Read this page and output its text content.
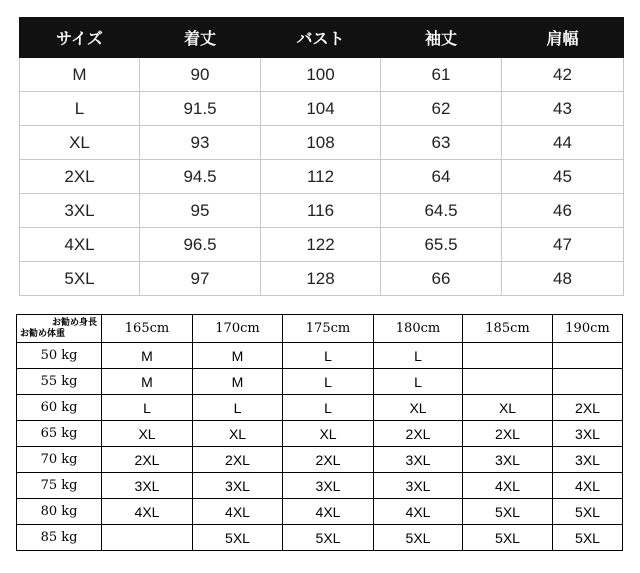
サイズ	着丈	バスト	袖丈	肩幅
M	90	100	61	42
L	91.5	104	62	43
XL	93	108	63	44
2XL	94.5	112	64	45
3XL	95	116	64.5	46
4XL	96.5	122	65.5	47
5XL	97	128	66	48
お勧め身長
お勧め体重	165cm	170cm	175cm	180cm	185cm	190cm
50 kg	M	M	L	L		
55 kg	M	M	L	L		
60 kg	L	L	L	XL	XL	2XL
65 kg	XL	XL	XL	2XL	2XL	3XL
70 kg	2XL	2XL	2XL	3XL	3XL	3XL
75 kg	3XL	3XL	3XL	3XL	4XL	4XL
80 kg	4XL	4XL	4XL	4XL	5XL	5XL
85 kg		5XL	5XL	5XL	5XL	5XL
